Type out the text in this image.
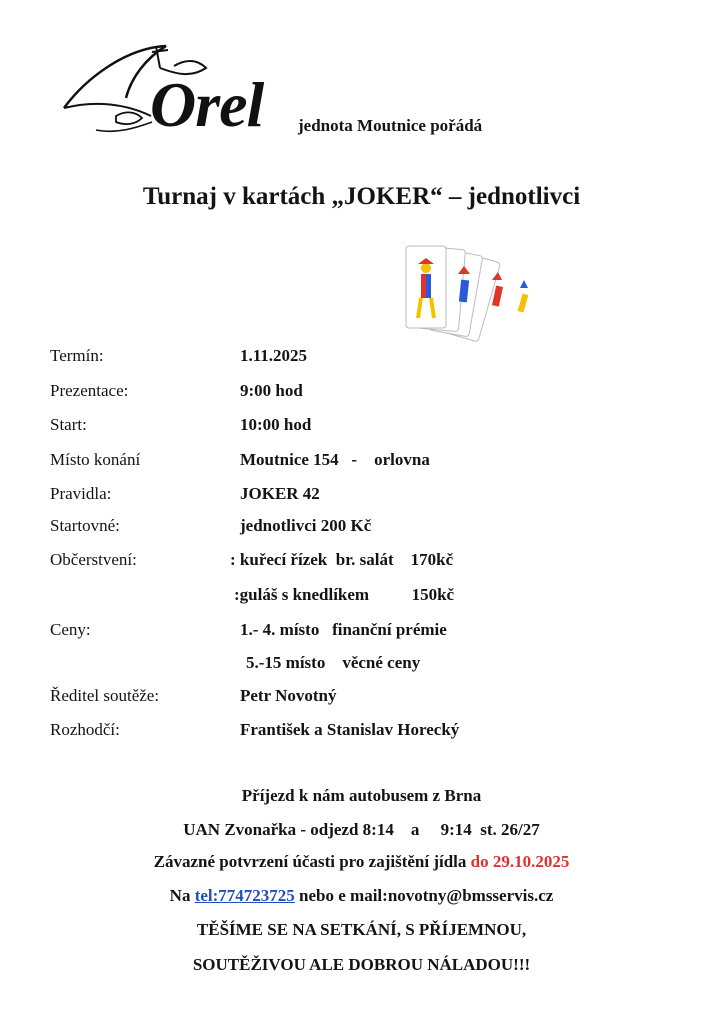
Orel jednota Moutnice pořádá
Turnaj v kartách „JOKER“ – jednotlivci
Termín:	1.11.2025
Prezentace:	9:00 hod
Start:	10:00 hod
Místo konání	Moutnice 154   -    orlovna
Pravidla:	JOKER 42
Startovné:	jednotlivci 200 Kč
Občerstvení:	: kuřecí řízek  br. salát    170kč
:guláš s knedlíkem          150kč
Ceny:	1.- 4. místo   finanční prémie
5.-15 místo    věcné ceny
Ředitel soutěže:	Petr Novotný
Rozhodčí:	František a Stanislav Horecký
Příjezd k nám autobusem z Brna
UAN Zvonařka - odjezd 8:14    a     9:14  st. 26/27
Závazné potvrzení účasti pro zajištění jídla do 29.10.2025
Na tel:774723725 nebo e mail:novotny@bmsservis.cz
TĚŠÍME SE NA SETKÁNÍ, S PŘÍJEMNOU,
SOUTĚŽIVOU ALE DOBROU NÁLADOU!!!
